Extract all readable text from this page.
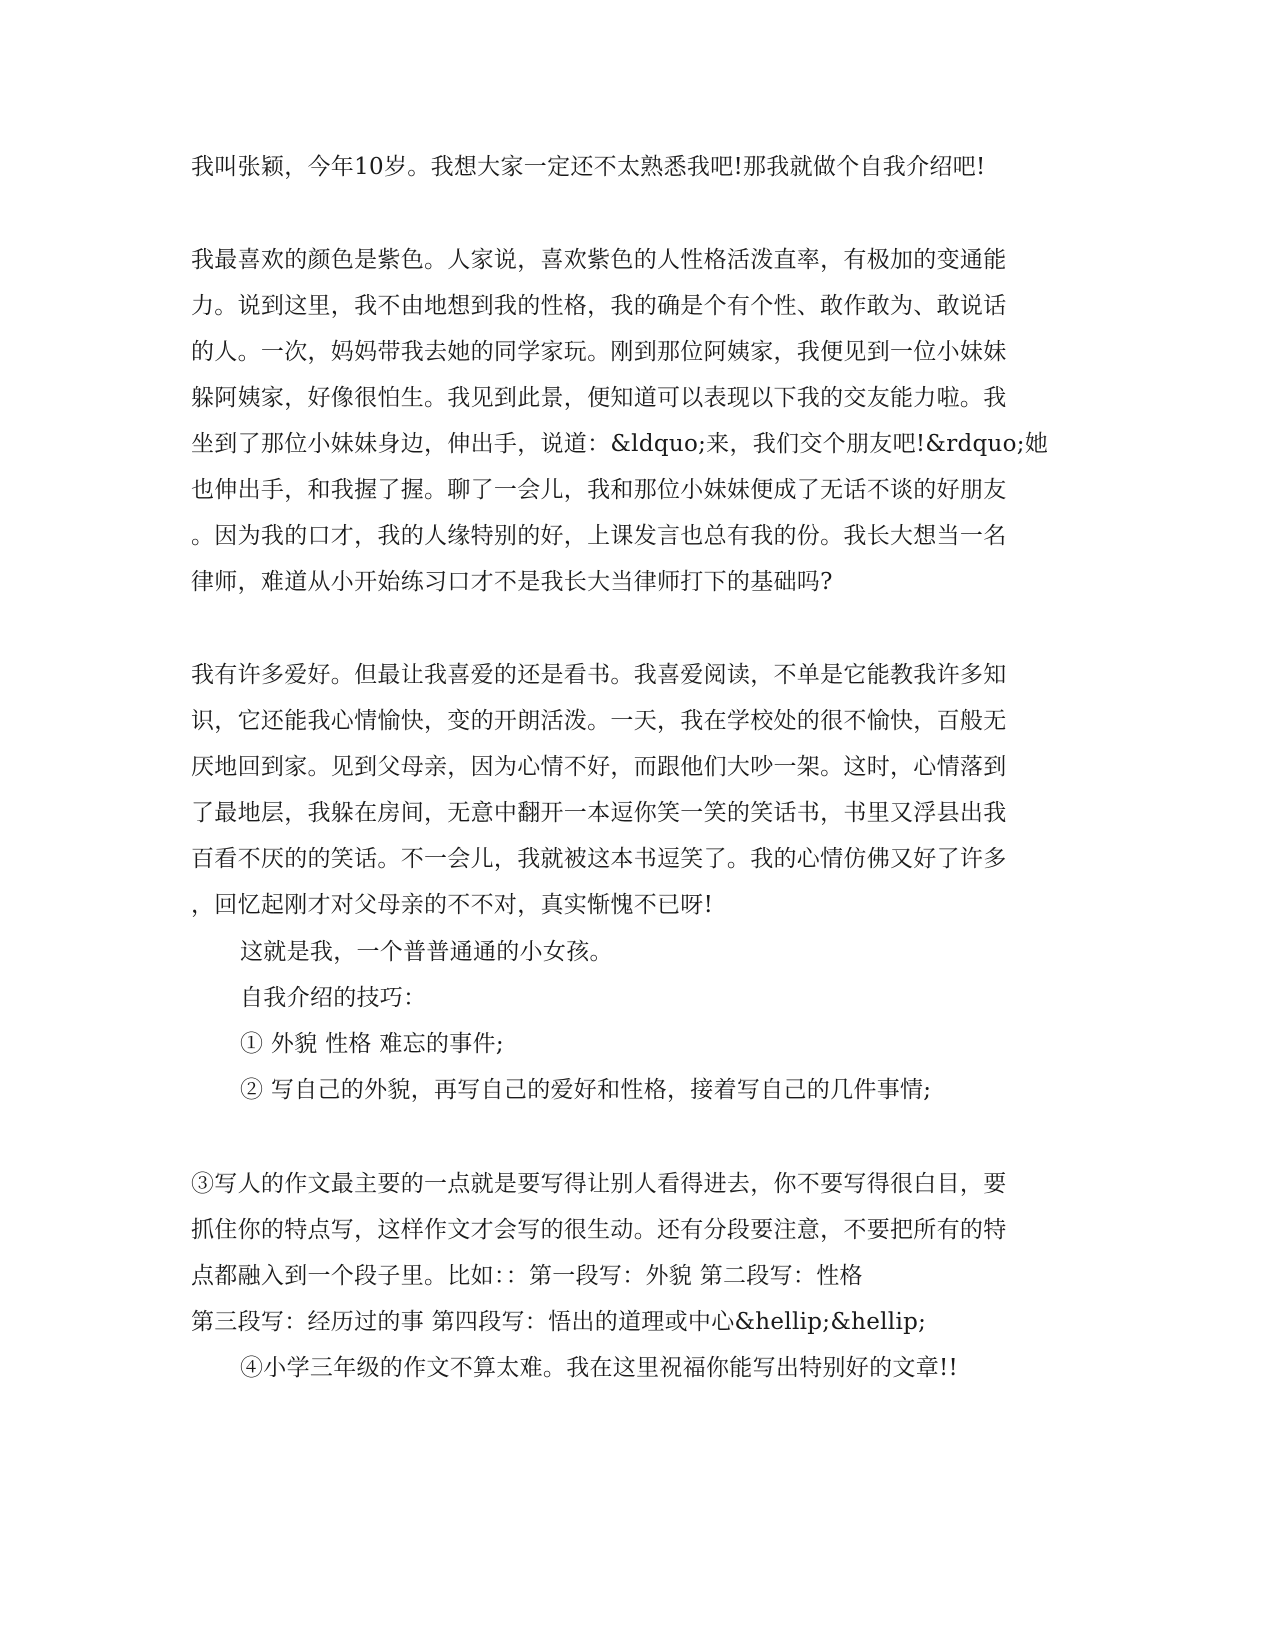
我叫张颖，今年10岁。我想大家一定还不太熟悉我吧!那我就做个自我介绍吧!
我最喜欢的颜色是紫色。人家说，喜欢紫色的人性格活泼直率，有极加的变通能
力。说到这里，我不由地想到我的性格，我的确是个有个性、敢作敢为、敢说话
的人。一次，妈妈带我去她的同学家玩。刚到那位阿姨家，我便见到一位小妹妹
躲阿姨家，好像很怕生。我见到此景，便知道可以表现以下我的交友能力啦。我
坐到了那位小妹妹身边，伸出手，说道：&ldquo;来，我们交个朋友吧!&rdquo;她
也伸出手，和我握了握。聊了一会儿，我和那位小妹妹便成了无话不谈的好朋友
。因为我的口才，我的人缘特别的好，上课发言也总有我的份。我长大想当一名
律师，难道从小开始练习口才不是我长大当律师打下的基础吗?
我有许多爱好。但最让我喜爱的还是看书。我喜爱阅读，不单是它能教我许多知
识，它还能我心情愉快，变的开朗活泼。一天，我在学校处的很不愉快，百般无
厌地回到家。见到父母亲，因为心情不好，而跟他们大吵一架。这时，心情落到
了最地层，我躲在房间，无意中翻开一本逗你笑一笑的笑话书，书里又浮县出我
百看不厌的的笑话。不一会儿，我就被这本书逗笑了。我的心情仿佛又好了许多
，回忆起刚才对父母亲的不不对，真实惭愧不已呀!
这就是我，一个普普通通的小女孩。
自我介绍的技巧：
① 外貌 性格 难忘的事件;
② 写自己的外貌，再写自己的爱好和性格，接着写自己的几件事情;
③写人的作文最主要的一点就是要写得让别人看得进去，你不要写得很白目，要
抓住你的特点写，这样作文才会写的很生动。还有分段要注意，不要把所有的特
点都融入到一个段子里。比如：：第一段写：外貌 第二段写：性格
第三段写：经历过的事 第四段写：悟出的道理或中心&hellip;&hellip;
④小学三年级的作文不算太难。我在这里祝福你能写出特别好的文章!!
